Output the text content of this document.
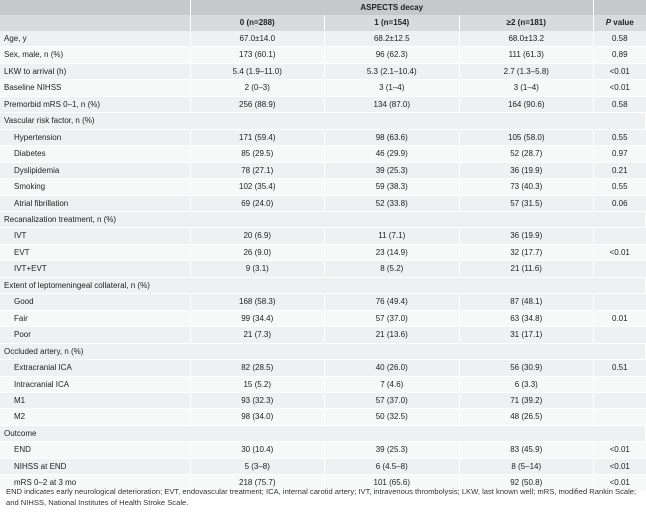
	ASPECTS decay			
	0 (n=288)	1 (n=154)	≥2 (n=181)	P value
Age, y	67.0±14.0	68.2±12.5	68.0±13.2	0.58
Sex, male, n (%)	173 (60.1)	96 (62.3)	111 (61.3)	0.89
LKW to arrival (h)	5.4 (1.9–11.0)	5.3 (2.1–10.4)	2.7 (1.3–5.8)	<0.01
Baseline NIHSS	2 (0–3)	3 (1–4)	3 (1–4)	<0.01
Premorbid mRS 0–1, n (%)	256 (88.9)	134 (87.0)	164 (90.6)	0.58
Vascular risk factor, n (%)				
Hypertension	171 (59.4)	98 (63.6)	105 (58.0)	0.55
Diabetes	85 (29.5)	46 (29.9)	52 (28.7)	0.97
Dyslipidemia	78 (27.1)	39 (25.3)	36 (19.9)	0.21
Smoking	102 (35.4)	59 (38.3)	73 (40.3)	0.55
Atrial fibrillation	69 (24.0)	52 (33.8)	57 (31.5)	0.06
Recanalization treatment, n (%)				
IVT	20 (6.9)	11 (7.1)	36 (19.9)	
EVT	26 (9.0)	23 (14.9)	32 (17.7)	<0.01
IVT+EVT	9 (3.1)	8 (5.2)	21 (11.6)	
Extent of leptomeningeal collateral, n (%)				
Good	168 (58.3)	76 (49.4)	87 (48.1)	
Fair	99 (34.4)	57 (37.0)	63 (34.8)	0.01
Poor	21 (7.3)	21 (13.6)	31 (17.1)	
Occluded artery, n (%)				
Extracranial ICA	82 (28.5)	40 (26.0)	56 (30.9)	0.51
Intracranial ICA	15 (5.2)	7 (4.6)	6 (3.3)	
M1	93 (32.3)	57 (37.0)	71 (39.2)	
M2	98 (34.0)	50 (32.5)	48 (26.5)	
Outcome				
END	30 (10.4)	39 (25.3)	83 (45.9)	<0.01
NIHSS at END	5 (3–8)	6 (4.5–8)	8 (5–14)	<0.01
mRS 0–2 at 3 mo	218 (75.7)	101 (65.6)	92 (50.8)	<0.01
END indicates early neurological deterioration; EVT, endovascular treatment; ICA, internal carotid artery; IVT, intravenous thrombolysis; LKW, last known well; mRS, modified Rankin Scale; and NIHSS, National Institutes of Health Stroke Scale.
